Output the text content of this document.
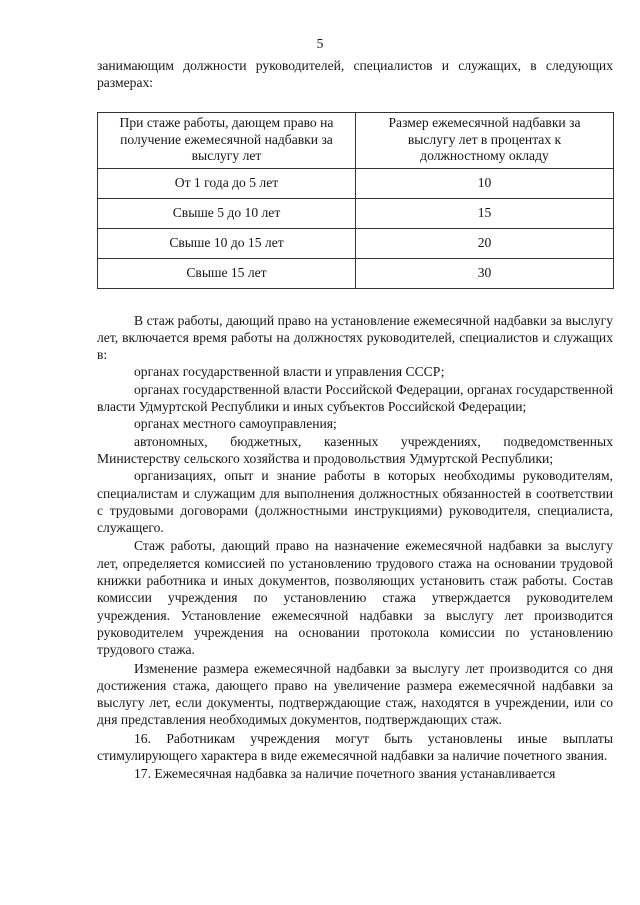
5

занимающим должности руководителей, специалистов и служащих, в следующих размерах:

При стаже работы, дающем право на получение ежемесячной надбавки за выслугу лет	Размер ежемесячной надбавки за выслугу лет в процентах к должностному окладу
От 1 года до 5 лет	10
Свыше 5 до 10 лет	15
Свыше 10 до 15 лет	20
Свыше 15 лет	30

В стаж работы, дающий право на установление ежемесячной надбавки за выслугу лет, включается время работы на должностях руководителей, специалистов и служащих в:

органах государственной власти и управления СССР;

органах государственной власти Российской Федерации, органах государственной власти Удмуртской Республики и иных субъектов Российской Федерации;

органах местного самоуправления;

автономных, бюджетных, казенных учреждениях, подведомственных Министерству сельского хозяйства и продовольствия Удмуртской Республики;

организациях, опыт и знание работы в которых необходимы руководителям, специалистам и служащим для выполнения должностных обязанностей в соответствии с трудовыми договорами (должностными инструкциями) руководителя, специалиста, служащего.

Стаж работы, дающий право на назначение ежемесячной надбавки за выслугу лет, определяется комиссией по установлению трудового стажа на основании трудовой книжки работника и иных документов, позволяющих установить стаж работы. Состав комиссии учреждения по установлению стажа утверждается руководителем учреждения. Установление ежемесячной надбавки за выслугу лет производится руководителем учреждения на основании протокола комиссии по установлению трудового стажа.

Изменение размера ежемесячной надбавки за выслугу лет производится со дня достижения стажа, дающего право на увеличение размера ежемесячной надбавки за выслугу лет, если документы, подтверждающие стаж, находятся в учреждении, или со дня представления необходимых документов, подтверждающих стаж.

16. Работникам учреждения могут быть установлены иные выплаты стимулирующего характера в виде ежемесячной надбавки за наличие почетного звания.

17. Ежемесячная надбавка за наличие почетного звания устанавливается
